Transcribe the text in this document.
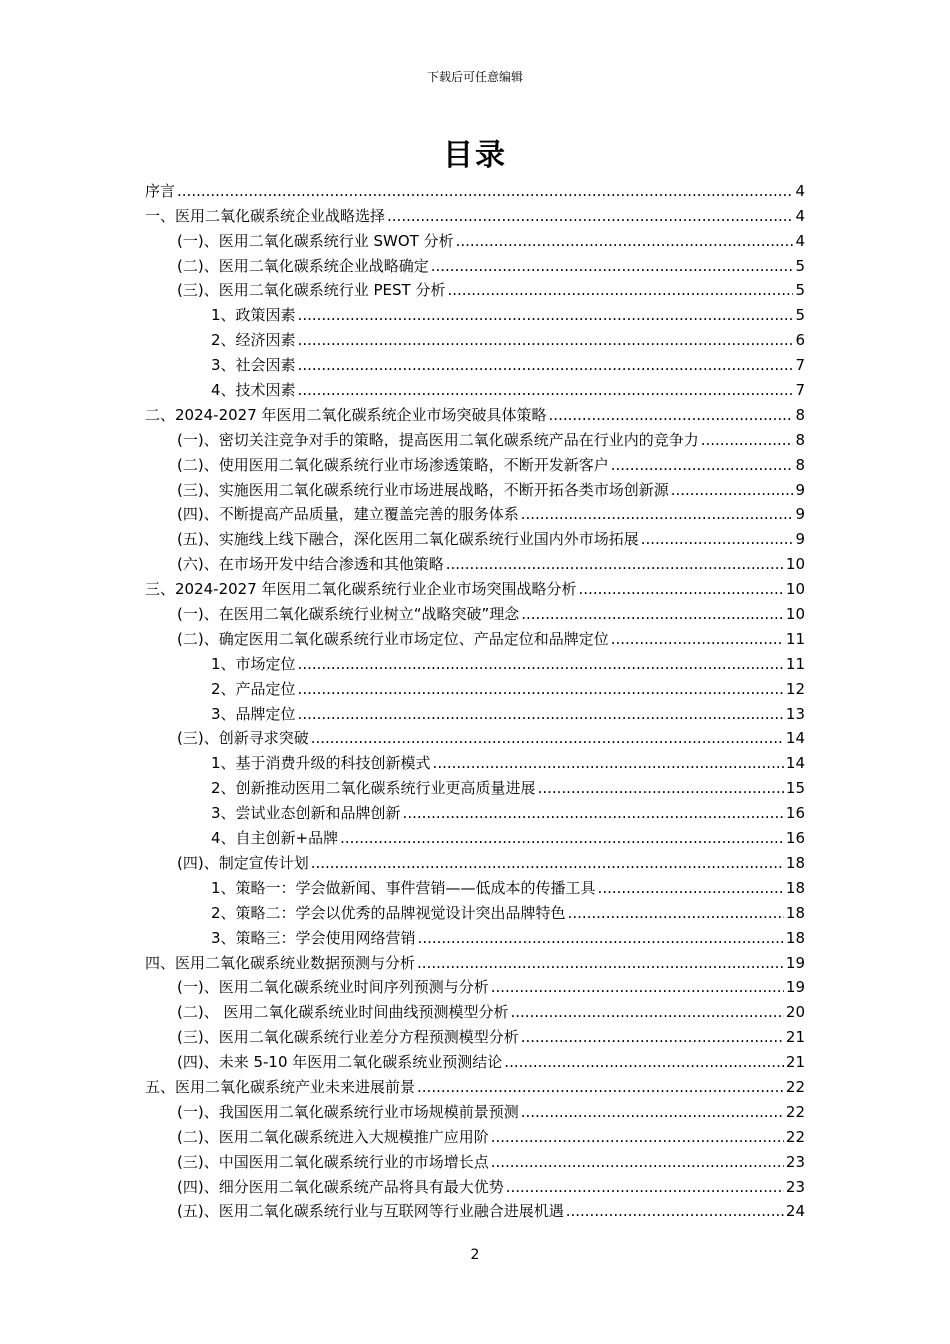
下载后可任意编辑
目录
序言 .....	4
一、医用二氧化碳系统企业战略选择 .....	4
(一)、医用二氧化碳系统行业 SWOT 分析 .....	4
(二)、医用二氧化碳系统企业战略确定 .....	5
(三)、医用二氧化碳系统行业 PEST 分析 .....	5
1、政策因素 .....	5
2、经济因素 .....	6
3、社会因素 .....	7
4、技术因素 .....	7
二、2024-2027 年医用二氧化碳系统企业市场突破具体策略 .....	8
(一)、密切关注竞争对手的策略，提高医用二氧化碳系统产品在行业内的竞争力 .....	8
(二)、使用医用二氧化碳系统行业市场渗透策略，不断开发新客户 .....	8
(三)、实施医用二氧化碳系统行业市场进展战略，不断开拓各类市场创新源 .....	9
(四)、不断提高产品质量，建立覆盖完善的服务体系 .....	9
(五)、实施线上线下融合，深化医用二氧化碳系统行业国内外市场拓展 .....	9
(六)、在市场开发中结合渗透和其他策略 .....	10
三、2024-2027 年医用二氧化碳系统行业企业市场突围战略分析 .....	10
(一)、在医用二氧化碳系统行业树立“战略突破”理念 .....	10
(二)、确定医用二氧化碳系统行业市场定位、产品定位和品牌定位 .....	11
1、市场定位 .....	11
2、产品定位 .....	12
3、品牌定位 .....	13
(三)、创新寻求突破 .....	14
1、基于消费升级的科技创新模式 .....	14
2、创新推动医用二氧化碳系统行业更高质量进展 .....	15
3、尝试业态创新和品牌创新 .....	16
4、自主创新+品牌 .....	16
(四)、制定宣传计划 .....	18
1、策略一：学会做新闻、事件营销——低成本的传播工具 .....	18
2、策略二：学会以优秀的品牌视觉设计突出品牌特色 .....	18
3、策略三：学会使用网络营销 .....	18
四、医用二氧化碳系统业数据预测与分析 .....	19
(一)、医用二氧化碳系统业时间序列预测与分析 .....	19
(二)、 医用二氧化碳系统业时间曲线预测模型分析 .....	20
(三)、医用二氧化碳系统行业差分方程预测模型分析 .....	21
(四)、未来 5-10 年医用二氧化碳系统业预测结论 .....	21
五、医用二氧化碳系统产业未来进展前景 .....	22
(一)、我国医用二氧化碳系统行业市场规模前景预测 .....	22
(二)、医用二氧化碳系统进入大规模推广应用阶 .....	22
(三)、中国医用二氧化碳系统行业的市场增长点 .....	23
(四)、细分医用二氧化碳系统产品将具有最大优势 .....	23
(五)、医用二氧化碳系统行业与互联网等行业融合进展机遇 .....	24
2
